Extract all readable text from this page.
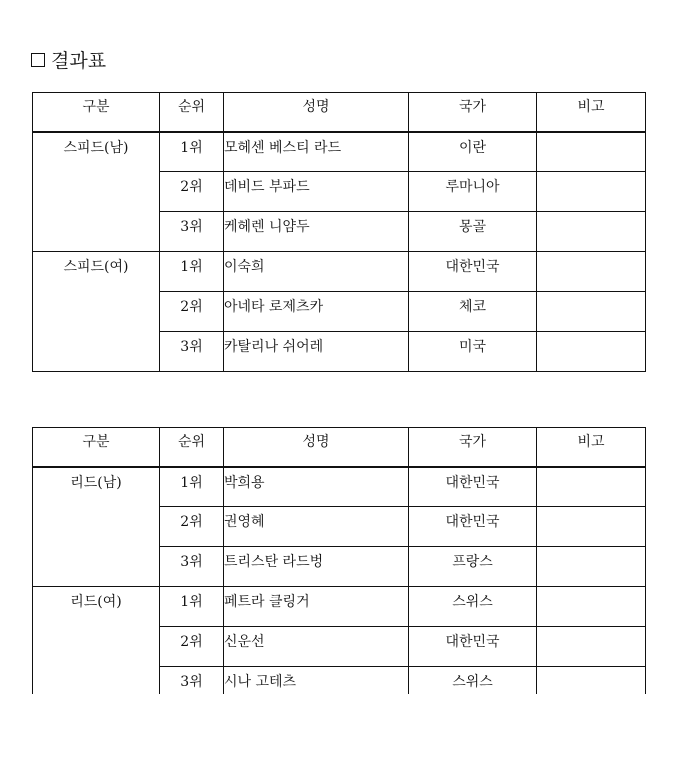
결과표
구분	순위	성명	국가	비고
스피드(남)	1위	모헤센 베스티 라드	이란	
	2위	데비드 부파드	루마니아	
	3위	케헤렌 니얌두	몽골	
스피드(여)	1위	이숙희	대한민국	
	2위	아네타 로제츠카	체코	
	3위	카탈리나 쉬어레	미국	
구분	순위	성명	국가	비고
리드(남)	1위	박희용	대한민국	
	2위	권영혜	대한민국	
	3위	트리스탄 라드벙	프랑스	
리드(여)	1위	페트라 클링거	스위스	
	2위	신운선	대한민국	
	3위	시나 고테츠	스위스	
